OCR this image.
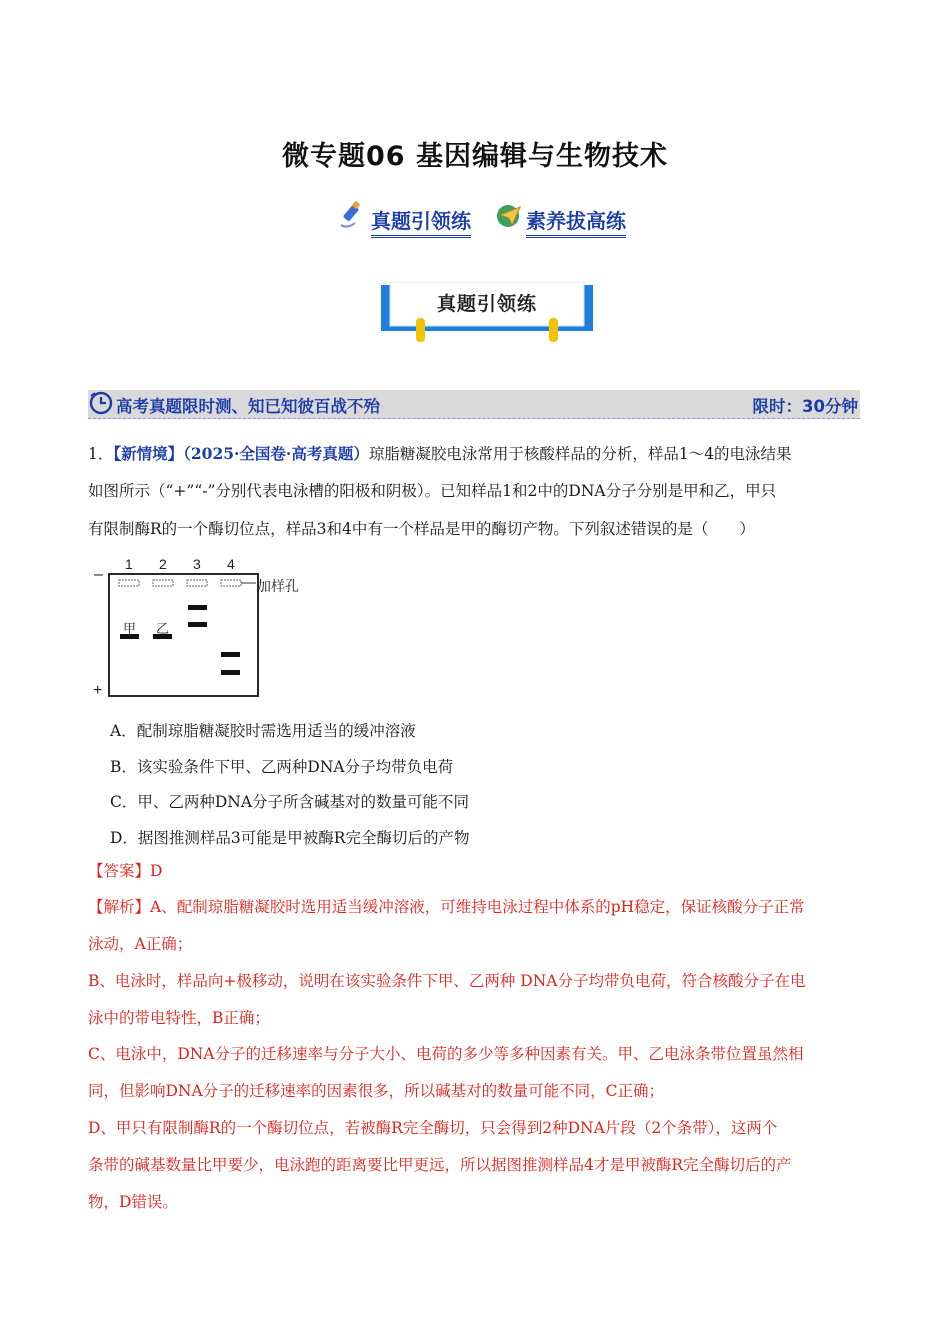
微专题06 基因编辑与生物技术
真题引领练	素养拔高练
真题引领练
高考真题限时测、知已知彼百战不殆	限时：30分钟
1．【新情境】（2025·全国卷·高考真题）琼脂糖凝胶电泳常用于核酸样品的分析，样品1～4的电泳结果
如图所示（“+”“-”分别代表电泳槽的阳极和阴极）。已知样品1和2中的DNA分子分别是甲和乙，甲只
有限制酶R的一个酶切位点，样品3和4中有一个样品是甲的酶切产物。下列叙述错误的是（　　）
1 2 3 4
–
+
加样孔
甲 乙
A．配制琼脂糖凝胶时需选用适当的缓冲溶液
B．该实验条件下甲、乙两种DNA分子均带负电荷
C．甲、乙两种DNA分子所含碱基对的数量可能不同
D．据图推测样品3可能是甲被酶R完全酶切后的产物
【答案】D
【解析】A、配制琼脂糖凝胶时选用适当缓冲溶液，可维持电泳过程中体系的pH稳定，保证核酸分子正常
泳动，A正确；
B、电泳时，样品向+极移动，说明在该实验条件下甲、乙两种 DNA分子均带负电荷，符合核酸分子在电
泳中的带电特性，B正确；
C、电泳中，DNA分子的迁移速率与分子大小、电荷的多少等多种因素有关。甲、乙电泳条带位置虽然相
同，但影响DNA分子的迁移速率的因素很多，所以碱基对的数量可能不同，C正确；
D、甲只有限制酶R的一个酶切位点，若被酶R完全酶切，只会得到2种DNA片段（2个条带），这两个
条带的碱基数量比甲要少，电泳跑的距离要比甲更远，所以据图推测样品4才是甲被酶R完全酶切后的产
物，D错误。
